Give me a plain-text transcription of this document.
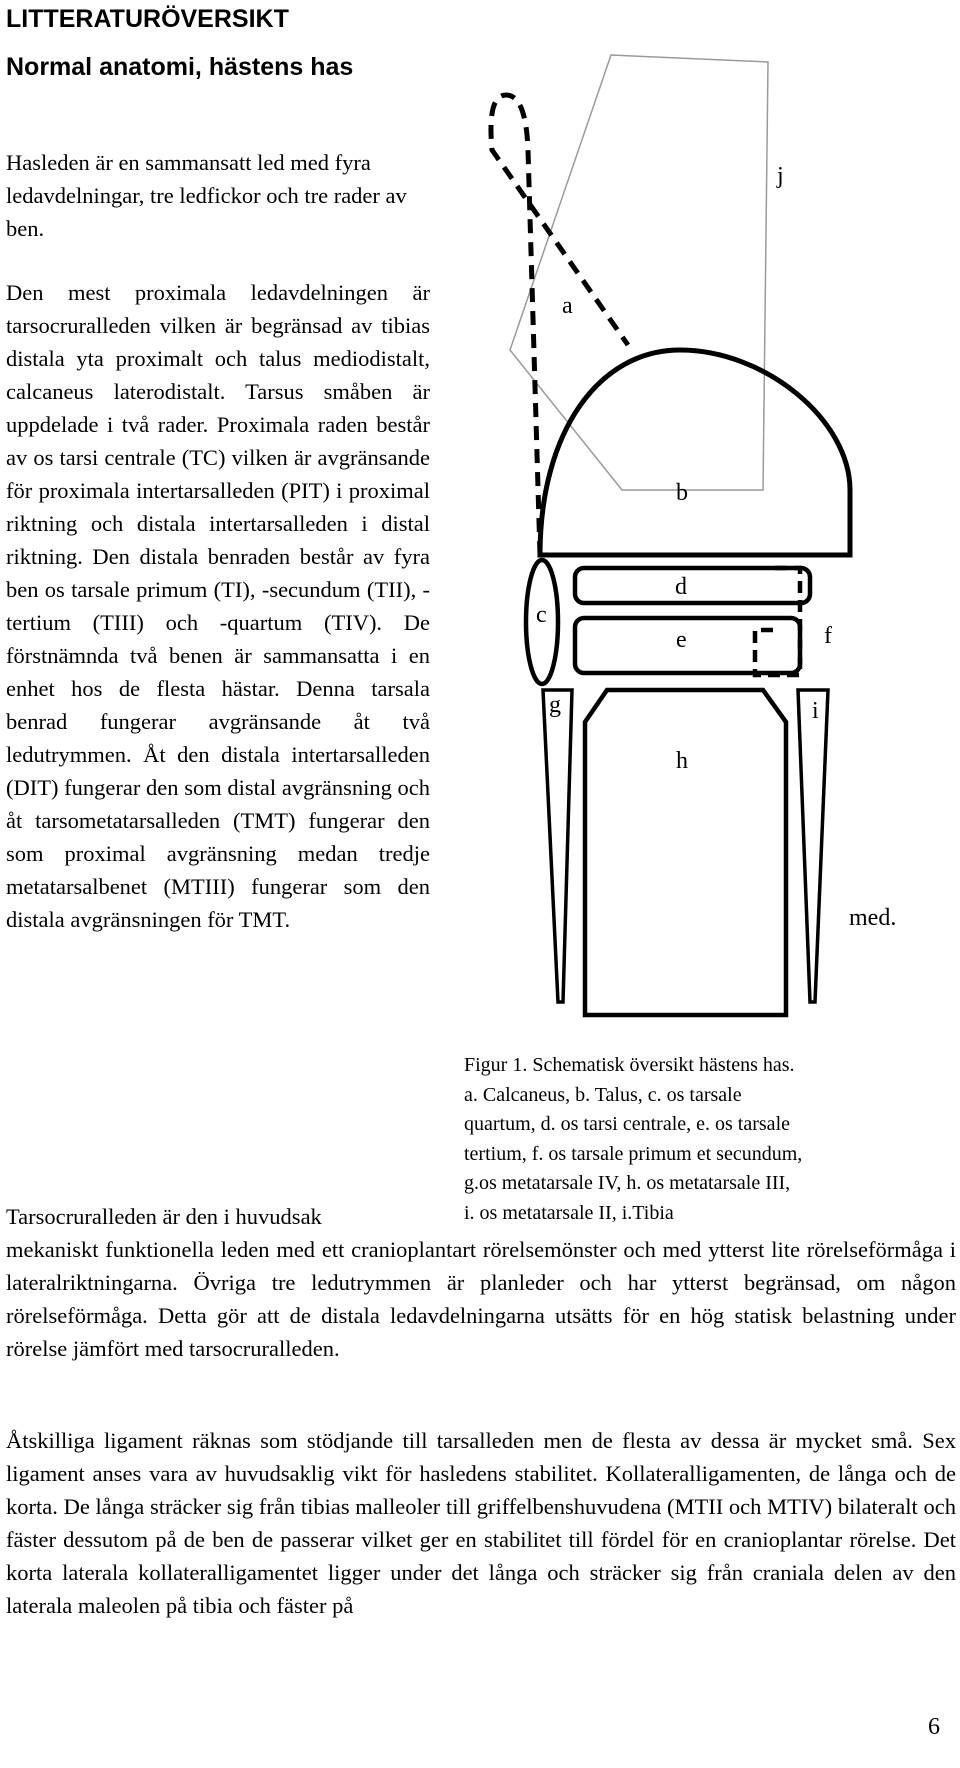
LITTERATURÖVERSIKT
Normal anatomi, hästens has

Hasleden är en sammansatt led med fyra ledavdelningar, tre ledfickor och tre rader av ben.

Den mest proximala ledavdelningen är tarsocruralleden vilken är begränsad av tibias distala yta proximalt och talus mediodistalt, calcaneus laterodistalt. Tarsus småben är uppdelade i två rader. Proximala raden består av os tarsi centrale (TC) vilken är avgränsande för proximala intertarsalleden (PIT) i proximal riktning och distala intertarsalleden i distal riktning. Den distala benraden består av fyra ben os tarsale primum (TI), -secundum (TII), -tertium (TIII) och -quartum (TIV). De förstnämnda två benen är sammansatta i en enhet hos de flesta hästar. Denna tarsala benrad fungerar avgränsande åt två ledutrymmen. Åt den distala intertarsalleden (DIT) fungerar den som distal avgränsning och åt tarsometatarsalleden (TMT) fungerar den som proximal avgränsning medan tredje metatarsalbenet (MTIII) fungerar som den distala avgränsningen för TMT.

Tarsocruralleden är den i huvudsak

mekaniskt funktionella leden med ett cranioplantart rörelsemönster och med ytterst lite rörelseförmåga i lateralriktningarna. Övriga tre ledutrymmen är planleder och har ytterst begränsad, om någon rörelseförmåga. Detta gör att de distala ledavdelningarna utsätts för en hög statisk belastning under rörelse jämfört med tarsocruralleden.

Åtskilliga ligament räknas som stödjande till tarsalleden men de flesta av dessa är mycket små. Sex ligament anses vara av huvudsaklig vikt för hasledens stabilitet. Kollateralligamenten, de långa och de korta. De långa sträcker sig från tibias malleoler till griffelbenshuvudena (MTII och MTIV) bilateralt och fäster dessutom på de ben de passerar vilket ger en stabilitet till fördel för en cranioplantar rörelse. Det korta laterala kollateralligamentet ligger under det långa och sträcker sig från craniala delen av den laterala maleolen på tibia och fäster på

a
b
c
d
e	f
g
h
i
j
med.
Figur 1. Schematisk översikt hästens has.
a. Calcaneus, b. Talus, c. os tarsale
quartum, d. os tarsi centrale, e. os tarsale
tertium, f. os tarsale primum et secundum,
g.os metatarsale IV, h. os metatarsale III,
i. os metatarsale II, i.Tibia

6
